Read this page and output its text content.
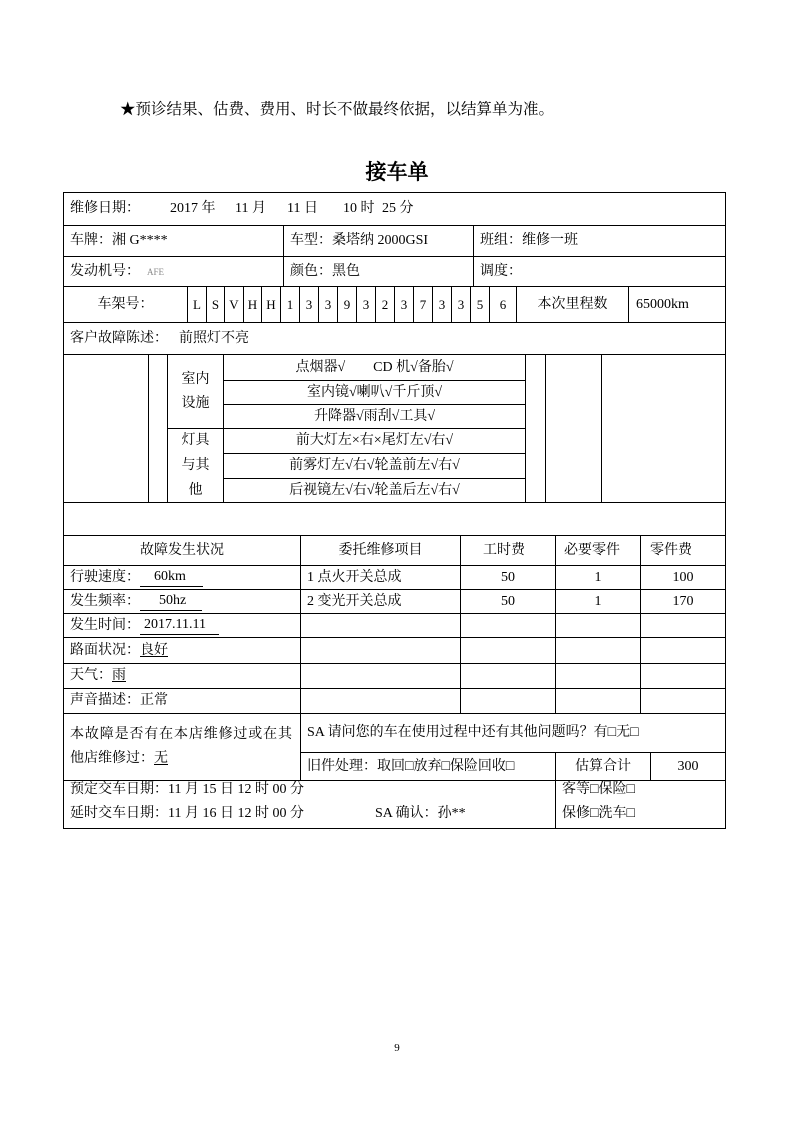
★预诊结果、估费、费用、时长不做最终依据，以结算单为准。
接车单
维修日期： 2017 年 11 月 11 日 10 时 25 分
车牌： 湘 G****	车型： 桑塔纳 2000GSI	班组： 维修一班
发动机号： AFE	颜色： 黑色	调度：
车架号：	L S V H H 1 3 3 9 3 2 3 7 3 3 5 6 本次里程数 65000km
客户故障陈述： 前照灯不亮
室内
设施
点烟器√　　CD 机√备胎√
室内镜√喇叭√千斤顶√
升降器√雨刮√工具√
灯具
与其
他
前大灯左×右×尾灯左√右√
前雾灯左√右√轮盖前左√右√
后视镜左√右√轮盖后左√右√
故障发生状况	委托维修项目	工时费	必要零件 零件费
行驶速度：	60km	1 点火开关总成	50	1	100
发生频率：	50hz	2 变光开关总成	50	1	170
发生时间： 2017.11.11
路面状况： 良好
天气： 雨
声音描述： 正常
本故障是否有在本店维修过或在其他店维修过：无
SA 请问您的车在使用过程中还有其他问题吗？有□无□
旧件处理：取回□放弃□保险回收□	估算合计	300
预定交车日期：11 月 15 日 12 时 00 分
延时交车日期：11 月 16 日 12 时 00 分	SA 确认：孙**
客等□保险□
保修□洗车□
9
